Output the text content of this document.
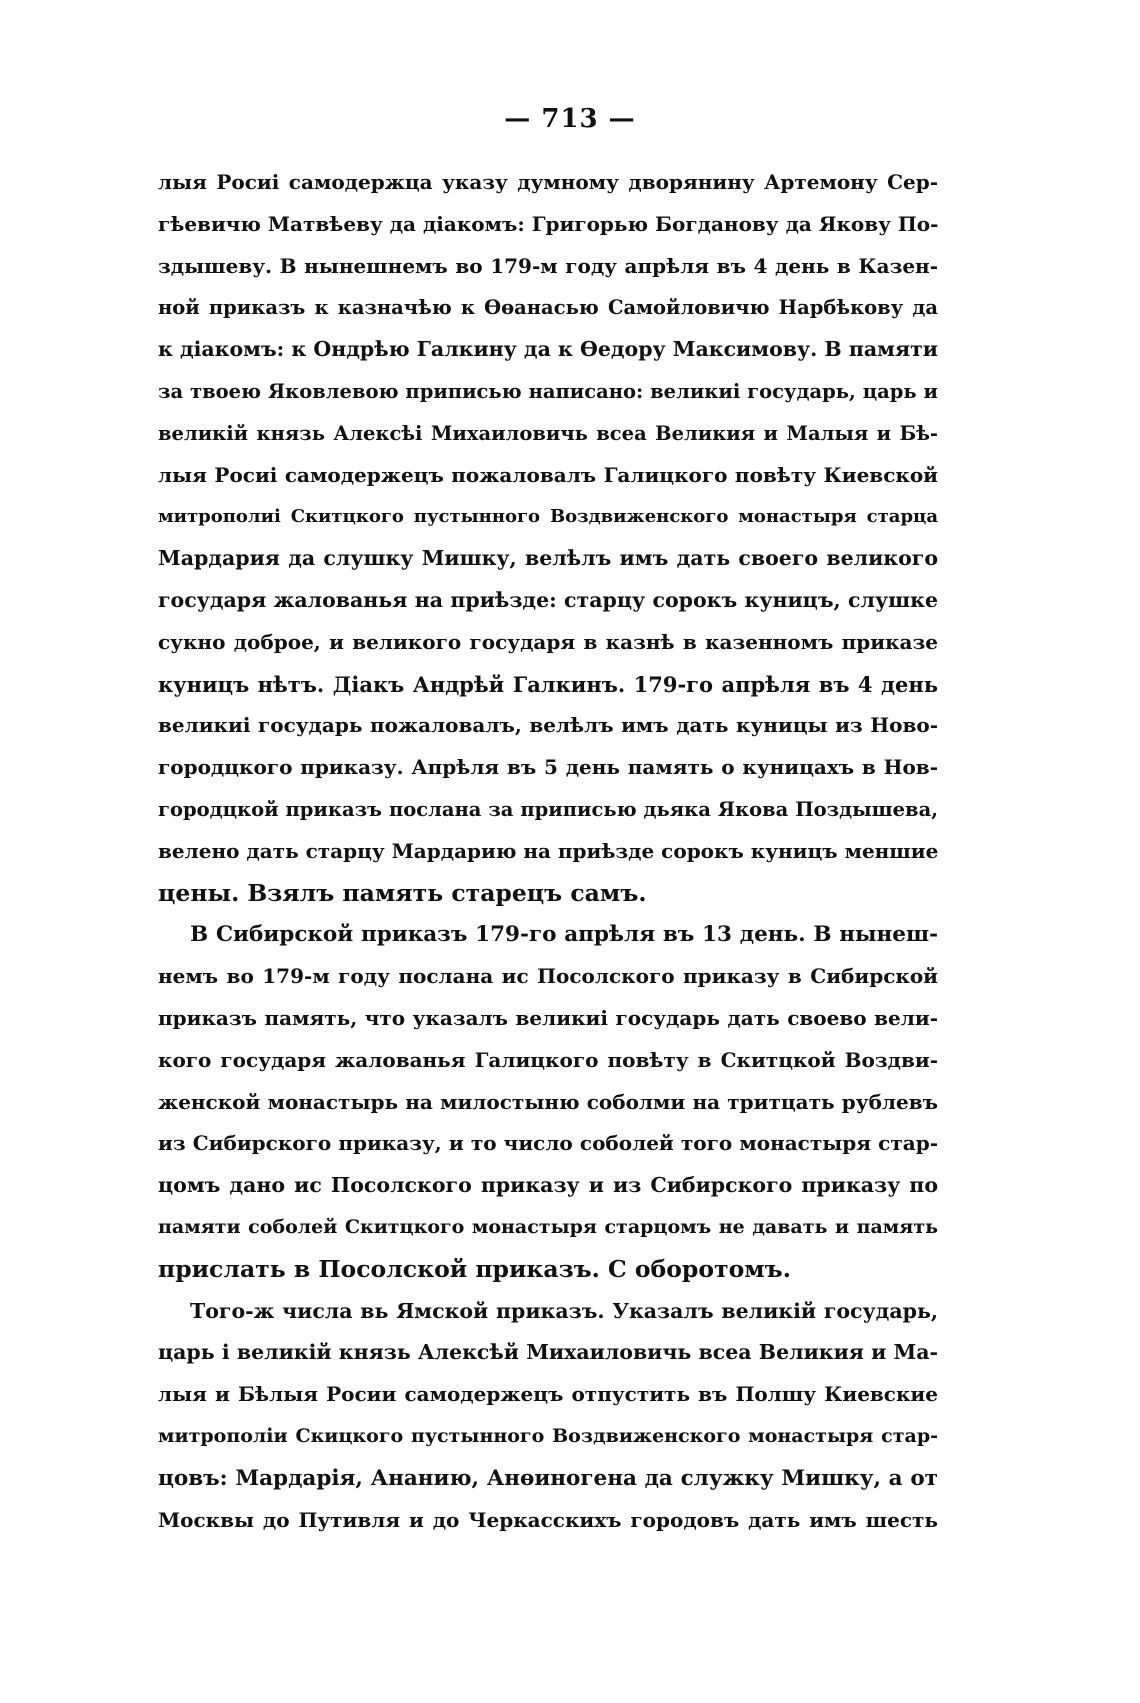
— 713 —
лыя Росиі самодержца указу думному дворянину Артемону Сер-
гѣевичю Матвѣеву да діакомъ: Григорью Богданову да Якову По-
здышеву. В нынешнемъ во 179-м году апрѣля въ 4 день в Казен-
ной приказъ к казначѣю к Өөанасью Самойловичю Нарбѣкову да
к діакомъ: к Ондрѣю Галкину да к Өедору Максимову. В памяти
за твоею Яковлевою приписью написано: великиі государь, царь и
великій князь Алексѣі Михаиловичь всеа Великия и Малыя и Бѣ-
лыя Росиі самодержецъ пожаловалъ Галицкого повѣту Киевской
митрополиі Скитцкого пустынного Воздвиженского монастыря старца
Мардария да слушку Мишку, велѣлъ имъ дать своего великого
государя жалованья на приѣзде: старцу сорокъ куницъ, слушке
сукно доброе, и великого государя в казнѣ в казенномъ приказе
куницъ нѣтъ. Діакъ Андрѣй Галкинъ. 179-го апрѣля въ 4 день
великиі государь пожаловалъ, велѣлъ имъ дать куницы из Ново-
городцкого приказу. Апрѣля въ 5 день память о куницахъ в Нов-
городцкой приказъ послана за приписью дьяка Якова Поздышева,
велено дать старцу Мардарию на приѣзде сорокъ куницъ меншие
цены. Взялъ память старецъ самъ.
В Сибирской приказъ 179-го апрѣля въ 13 день. В нынеш-
немъ во 179-м году послана ис Посолского приказу в Сибирской
приказъ память, что указалъ великиі государь дать своево вели-
кого государя жалованья Галицкого повѣту в Скитцкой Воздви-
женской монастырь на милостыню соболми на тритцать рублевъ
из Сибирского приказу, и то число соболей того монастыря стар-
цомъ дано ис Посолского приказу и из Сибирского приказу по
памяти соболей Скитцкого монастыря старцомъ не давать и память
прислать в Посолской приказъ. С оборотомъ.
Того-ж числа вь Ямской приказъ. Указалъ великій государь,
царь і великій князь Алексѣй Михаиловичь всеа Великия и Ма-
лыя и Бѣлыя Росии самодержецъ отпустить въ Полшу Киевские
митрополіи Скицкого пустынного Воздвиженского монастыря стар-
цовъ: Мардарія, Ананию, Анөиногена да служку Мишку, а от
Москвы до Путивля и до Черкасскихъ городовъ дать имъ шесть
